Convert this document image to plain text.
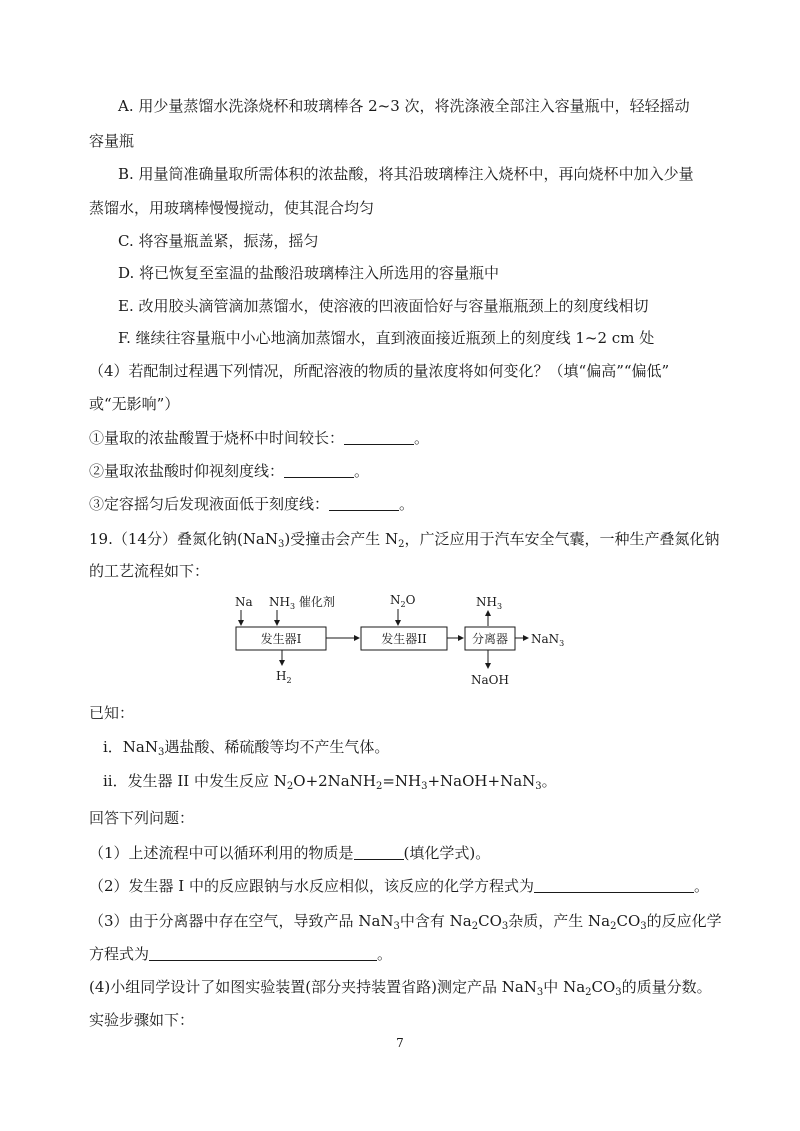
A. 用少量蒸馏水洗涤烧杯和玻璃棒各 2~3 次，将洗涤液全部注入容量瓶中，轻轻摇动
容量瓶
B. 用量筒准确量取所需体积的浓盐酸，将其沿玻璃棒注入烧杯中，再向烧杯中加入少量
蒸馏水，用玻璃棒慢慢搅动，使其混合均匀
C. 将容量瓶盖紧，振荡，摇匀
D. 将已恢复至室温的盐酸沿玻璃棒注入所选用的容量瓶中
E. 改用胶头滴管滴加蒸馏水，使溶液的凹液面恰好与容量瓶瓶颈上的刻度线相切
F. 继续往容量瓶中小心地滴加蒸馏水，直到液面接近瓶颈上的刻度线 1~2 cm 处
（4）若配制过程遇下列情况，所配溶液的物质的量浓度将如何变化？（填“偏高”“偏低”
或“无影响”）
①量取的浓盐酸置于烧杯中时间较长：	。
②量取浓盐酸时仰视刻度线：	。
③定容摇匀后发现液面低于刻度线：	。
19.（14分）叠氮化钠(NaN$_3$)受撞击会产生 $N_2$，广泛应用于汽车安全气囊，一种生产叠氮化钠
的工艺流程如下：
Na $NH_3$ 催化剂	$N_2O$	$NH_3$
发生器I	发生器II	分离器 NaN$_3$
$H_2$	NaOH
已知：
i．NaN$_3$遇盐酸、稀硫酸等均不产生气体。
ii．发生器 II 中发生反应 $N_2O+2NaNH_2=NH_3+NaOH+NaN_3$。
回答下列问题：
（1）上述流程中可以循环利用的物质是	(填化学式)。
（2）发生器 I 中的反应跟钠与水反应相似，该反应的化学方程式为	。
（3）由于分离器中存在空气，导致产品 NaN$_3$中含有 $Na_2CO_3$杂质，产生 $Na_2CO_3$的反应化学
方程式为	。
(4)小组同学设计了如图实验装置(部分夹持装置省路)测定产品 NaN$_3$中 $Na_2CO_3$的质量分数。
实验步骤如下：
7
